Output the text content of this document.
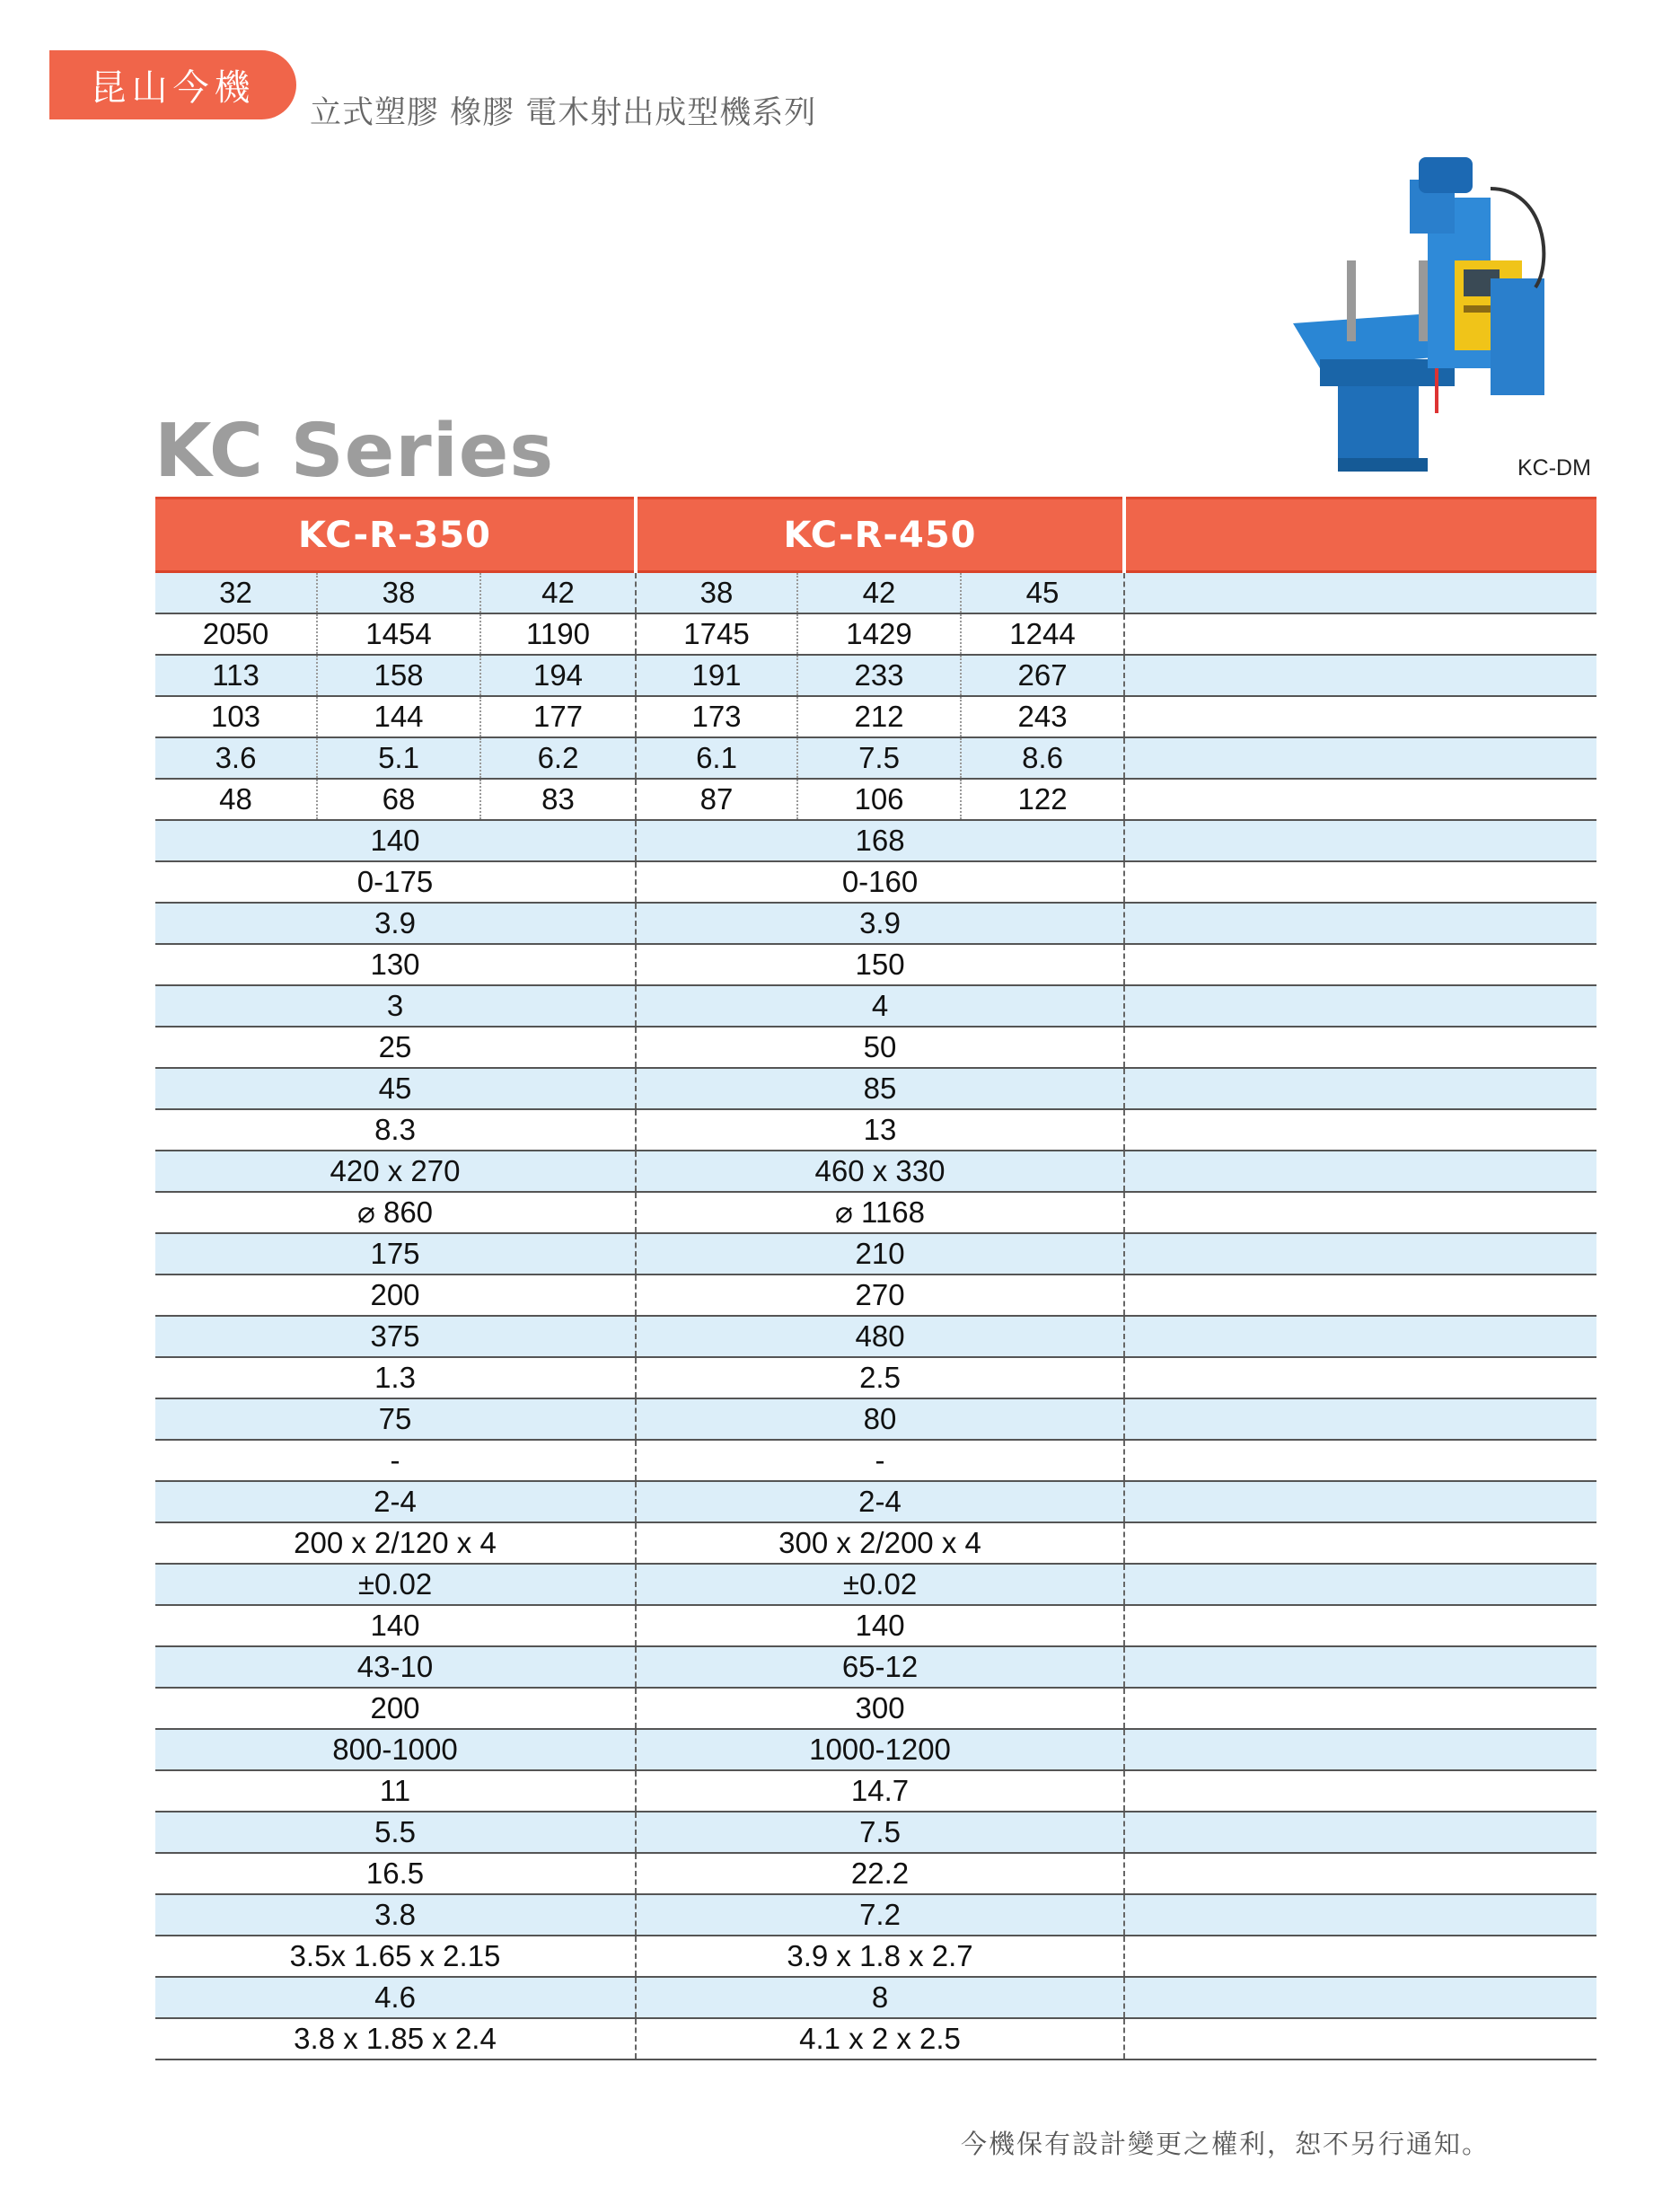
昆山今機
立式塑膠 橡膠 電木射出成型機系列
KC Series	KC-DM
KC-R-350			KC-R-450			
32	38	42	38	42	45	
2050	1454	1190	1745	1429	1244	
113	158	194	191	233	267	
103	144	177	173	212	243	
3.6	5.1	6.2	6.1	7.5	8.6	
48	68	83	87	106	122	
140			168			
0-175			0-160			
3.9			3.9			
130			150			
3			4			
25			50			
45			85			
8.3			13			
420 x 270			460 x 330			
⌀ 860			⌀ 1168			
175			210			
200			270			
375			480			
1.3			2.5			
75			80			
-			-			
2-4			2-4			
200 x 2/120 x 4			300 x 2/200 x 4			
±0.02			±0.02			
140			140			
43-10			65-12			
200			300			
800-1000			1000-1200			
11			14.7			
5.5			7.5			
16.5			22.2			
3.8			7.2			
3.5x 1.65 x 2.15			3.9 x 1.8 x 2.7			
4.6			8			
3.8 x 1.85 x 2.4			4.1 x 2 x 2.5			
今機保有設計變更之權利，恕不另行通知。
